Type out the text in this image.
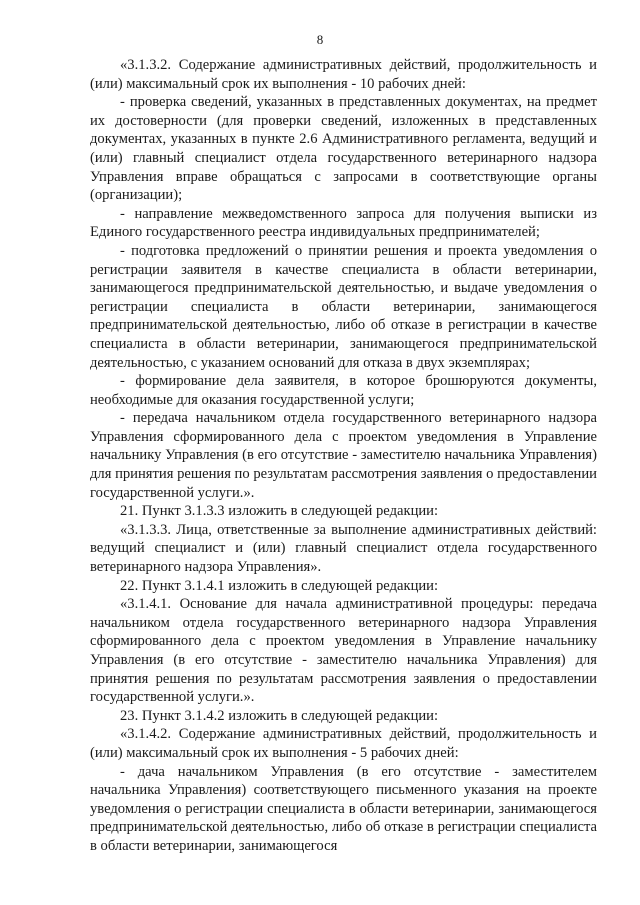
8

«3.1.3.2. Содержание административных действий, продолжительность и (или) максимальный срок их выполнения - 10 рабочих дней:

- проверка сведений, указанных в представленных документах, на предмет их достоверности (для проверки сведений, изложенных в представленных документах, указанных в пункте 2.6 Административного регламента, ведущий и (или) главный специалист отдела государственного ветеринарного надзора Управления вправе обращаться с запросами в соответствующие органы (организации);

- направление межведомственного запроса для получения выписки из Единого государственного реестра индивидуальных предпринимателей;

- подготовка предложений о принятии решения и проекта уведомления о регистрации заявителя в качестве специалиста в области ветеринарии, занимающегося предпринимательской деятельностью, и выдаче уведомления о регистрации специалиста в области ветеринарии, занимающегося предпринимательской деятельностью, либо об отказе в регистрации в качестве специалиста в области ветеринарии, занимающегося предпринимательской деятельностью, с указанием оснований для отказа в двух экземплярах;

- формирование дела заявителя, в которое брошюруются документы, необходимые для оказания государственной услуги;

- передача начальником отдела государственного ветеринарного надзора Управления сформированного дела с проектом уведомления в Управление начальнику Управления (в его отсутствие - заместителю начальника Управления) для принятия решения по результатам рассмотрения заявления о предоставлении государственной услуги.».

21. Пункт 3.1.3.3 изложить в следующей редакции:

«3.1.3.3. Лица, ответственные за выполнение административных действий: ведущий специалист и (или) главный специалист отдела государственного ветеринарного надзора Управления».

22. Пункт 3.1.4.1 изложить в следующей редакции:

«3.1.4.1. Основание для начала административной процедуры: передача начальником отдела государственного ветеринарного надзора Управления сформированного дела с проектом уведомления в Управление начальнику Управления (в его отсутствие - заместителю начальника Управления) для принятия решения по результатам рассмотрения заявления о предоставлении государственной услуги.».

23. Пункт 3.1.4.2 изложить в следующей редакции:

«3.1.4.2. Содержание административных действий, продолжительность и (или) максимальный срок их выполнения - 5 рабочих дней:

- дача начальником Управления (в его отсутствие - заместителем начальника Управления) соответствующего письменного указания на проекте уведомления о регистрации специалиста в области ветеринарии, занимающегося предпринимательской деятельностью, либо об отказе в регистрации специалиста в области ветеринарии, занимающегося
